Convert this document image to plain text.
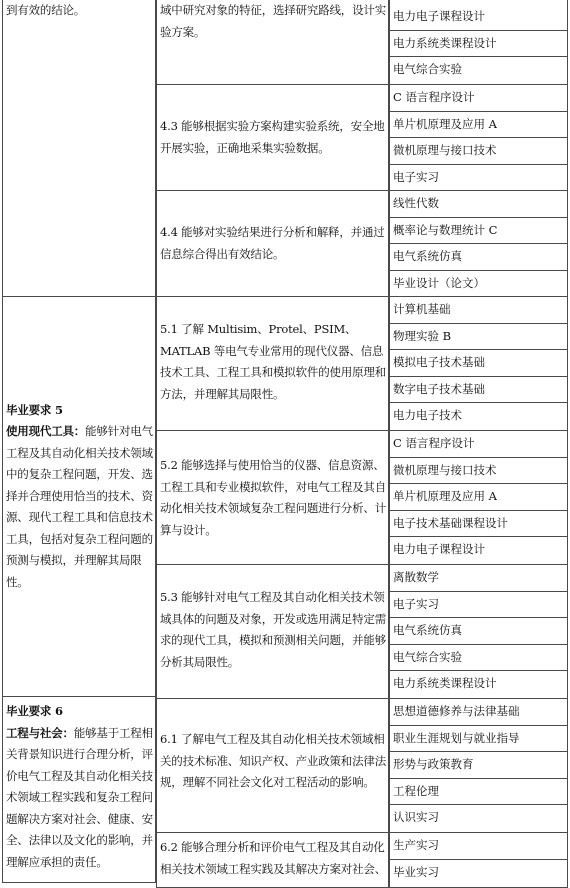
到有效的结论。
毕业要求 5
使用现代工具：能够针对电气工程及其自动化相关技术领域中的复杂工程问题，开发、选择并合理使用恰当的技术、资源、现代工程工具和信息技术工具，包括对复杂工程问题的预测与模拟，并理解其局限性。
毕业要求 6
工程与社会：能够基于工程相关背景知识进行合理分析，评价电气工程及其自动化相关技术领域工程实践和复杂工程问题解决方案对社会、健康、安全、法律以及文化的影响，并理解应承担的责任。
域中研究对象的特征，选择研究路线，设计实验方案。
4.3 能够根据实验方案构建实验系统，安全地开展实验，正确地采集实验数据。
4.4 能够对实验结果进行分析和解释，并通过信息综合得出有效结论。
5.1 了解 Multisim、Protel、PSIM、MATLAB 等电气专业常用的现代仪器、信息技术工具、工程工具和模拟软件的使用原理和方法，并理解其局限性。
5.2 能够选择与使用恰当的仪器、信息资源、工程工具和专业模拟软件，对电气工程及其自动化相关技术领域复杂工程问题进行分析、计算与设计。
5.3 能够针对电气工程及其自动化相关技术领域具体的问题及对象，开发或选用满足特定需求的现代工具，模拟和预测相关问题，并能够分析其局限性。
6.1 了解电气工程及其自动化相关技术领域相关的技术标准、知识产权、产业政策和法律法规，理解不同社会文化对工程活动的影响。
6.2 能够合理分析和评价电气工程及其自动化相关技术领域工程实践及其解决方案对社会、
电力电子课程设计
电力系统类课程设计
电气综合实验
C 语言程序设计
单片机原理及应用 A
微机原理与接口技术
电子实习
线性代数
概率论与数理统计 C
电气系统仿真
毕业设计（论文）
计算机基础
物理实验 B
模拟电子技术基础
数字电子技术基础
电力电子技术
C 语言程序设计
微机原理与接口技术
单片机原理及应用 A
电子技术基础课程设计
电力电子课程设计
离散数学
电子实习
电气系统仿真
电气综合实验
电力系统类课程设计
思想道德修养与法律基础
职业生涯规划与就业指导
形势与政策教育
工程伦理
认识实习
生产实习
毕业实习
